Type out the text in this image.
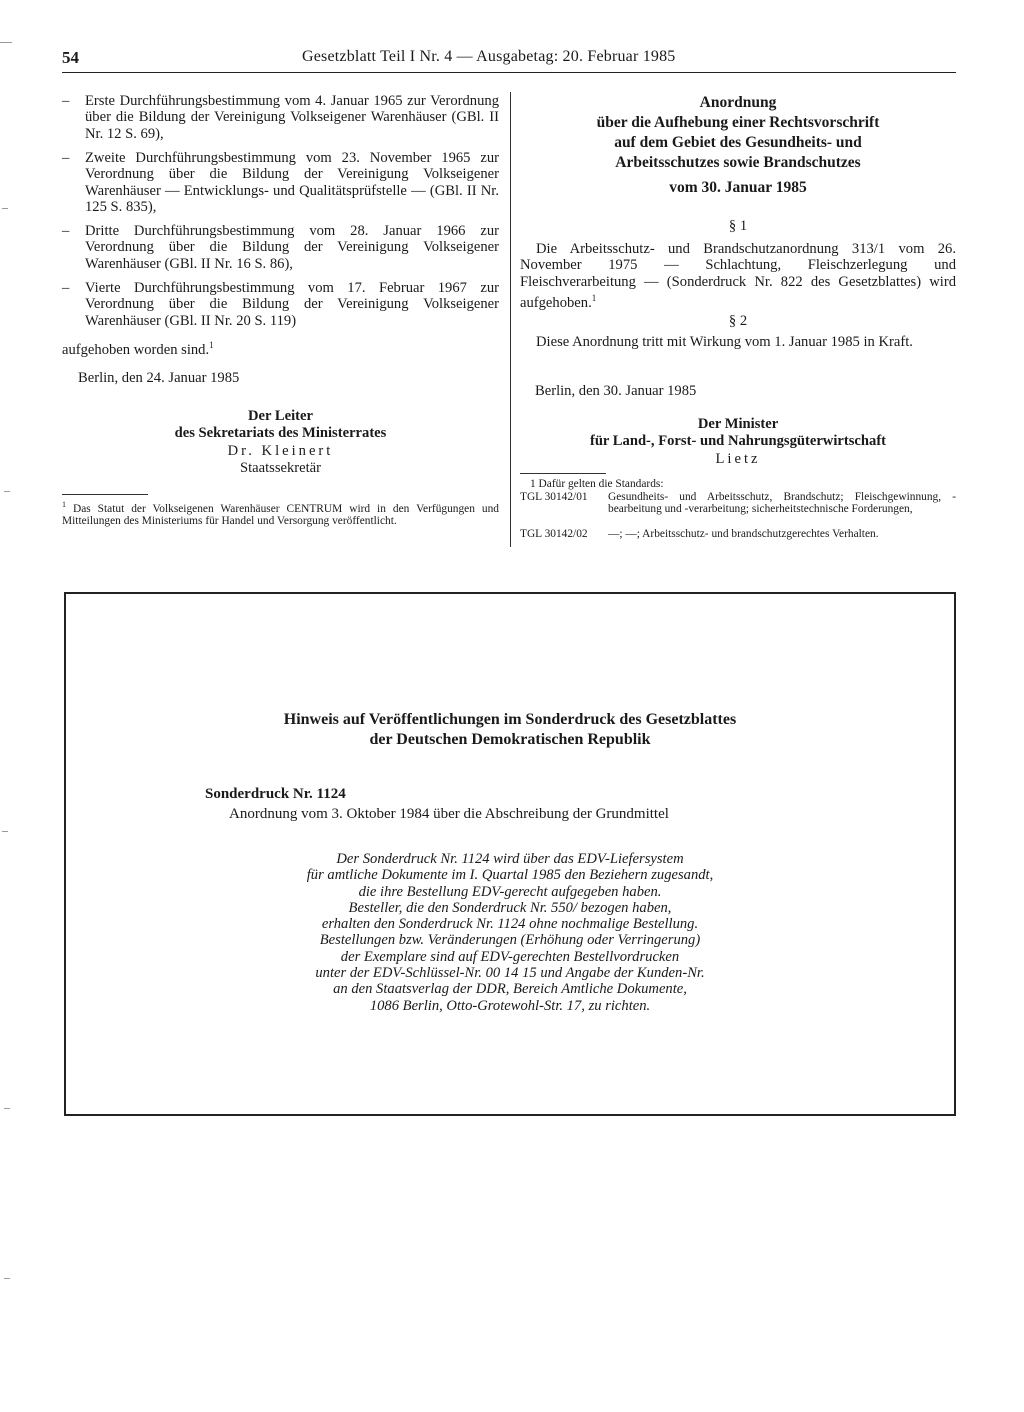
54	Gesetzblatt Teil I Nr. 4 — Ausgabetag: 20. Februar 1985
– Erste Durchführungsbestimmung vom 4. Januar 1965 zur Verordnung über die Bildung der Vereinigung Volkseigener Warenhäuser (GBl. II Nr. 12 S. 69),
– Zweite Durchführungsbestimmung vom 23. November 1965 zur Verordnung über die Bildung der Vereinigung Volkseigener Warenhäuser — Entwicklungs- und Qualitätsprüfstelle — (GBl. II Nr. 125 S. 835),
– Dritte Durchführungsbestimmung vom 28. Januar 1966 zur Verordnung über die Bildung der Vereinigung Volkseigener Warenhäuser (GBl. II Nr. 16 S. 86),
– Vierte Durchführungsbestimmung vom 17. Februar 1967 zur Verordnung über die Bildung der Vereinigung Volkseigener Warenhäuser (GBl. II Nr. 20 S. 119)
aufgehoben worden sind.$^1$
Berlin, den 24. Januar 1985
Der Leiter
des Sekretariats des Ministerrates
Dr. Kleinert
Staatssekretär
$^1$ Das Statut der Volkseigenen Warenhäuser CENTRUM wird in den Verfügungen und Mitteilungen des Ministeriums für Handel und Versorgung veröffentlicht.
Anordnung
über die Aufhebung einer Rechtsvorschrift
auf dem Gebiet des Gesundheits- und
Arbeitsschutzes sowie Brandschutzes
vom 30. Januar 1985
§ 1
Die Arbeitsschutz- und Brandschutzanordnung 313/1 vom 26. November 1975 — Schlachtung, Fleischzerlegung und Fleischverarbeitung — (Sonderdruck Nr. 822 des Gesetzblattes) wird aufgehoben.$^1$
§ 2
Diese Anordnung tritt mit Wirkung vom 1. Januar 1985 in Kraft.
Berlin, den 30. Januar 1985
Der Minister
für Land-, Forst- und Nahrungsgüterwirtschaft
Lietz
1 Dafür gelten die Standards:
TGL 30142/01	Gesundheits- und Arbeitsschutz, Brandschutz; Fleischgewinnung, -bearbeitung und -verarbeitung; sicherheitstechnische Forderungen,
TGL 30142/02	—; —; Arbeitsschutz- und brandschutzgerechtes Verhalten.
Hinweis auf Veröffentlichungen im Sonderdruck des Gesetzblattes
der Deutschen Demokratischen Republik
Sonderdruck Nr. 1124
Anordnung vom 3. Oktober 1984 über die Abschreibung der Grundmittel
Der Sonderdruck Nr. 1124 wird über das EDV-Liefersystem
für amtliche Dokumente im I. Quartal 1985 den Beziehern zugesandt,
die ihre Bestellung EDV-gerecht aufgegeben haben.
Besteller, die den Sonderdruck Nr. 550/ bezogen haben,
erhalten den Sonderdruck Nr. 1124 ohne nochmalige Bestellung.
Bestellungen bzw. Veränderungen (Erhöhung oder Verringerung)
der Exemplare sind auf EDV-gerechten Bestellvordrucken
unter der EDV-Schlüssel-Nr. 00 14 15 und Angabe der Kunden-Nr.
an den Staatsverlag der DDR, Bereich Amtliche Dokumente,
1086 Berlin, Otto-Grotewohl-Str. 17, zu richten.
—
–
–
–
–
–
